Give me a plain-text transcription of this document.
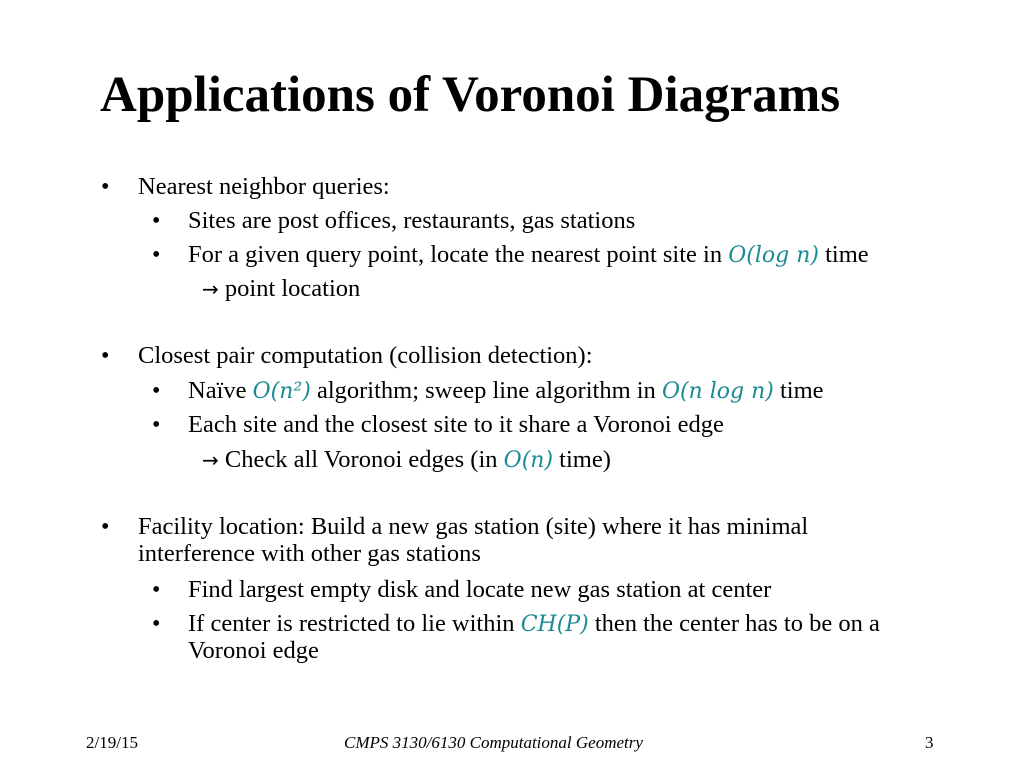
Applications of Voronoi Diagrams
• Nearest neighbor queries:
• Sites are post offices, restaurants, gas stations
• For a given query point, locate the nearest point site in O(log n) time
→ point location
• Closest pair computation (collision detection):
• Naïve O(n²) algorithm; sweep line algorithm in O(n log n) time
• Each site and the closest site to it share a Voronoi edge
→ Check all Voronoi edges (in O(n) time)
• Facility location: Build a new gas station (site) where it has minimal
interference with other gas stations
• Find largest empty disk and locate new gas station at center
• If center is restricted to lie within CH(P) then the center has to be on a
Voronoi edge
2/19/15	CMPS 3130/6130 Computational Geometry	3
